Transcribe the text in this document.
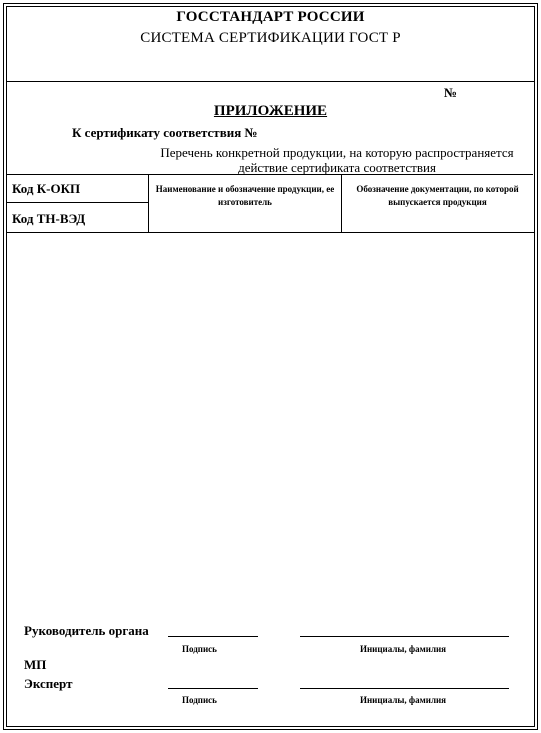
ГОССТАНДАРТ РОССИИ
СИСТЕМА СЕРТИФИКАЦИИ ГОСТ Р
№
ПРИЛОЖЕНИЕ
К сертификату соответствия №
Перечень конкретной продукции, на которую распространяется
действие сертификата соответствия
Код К-ОКП
Код ТН-ВЭД
Наименование и обозначение продукции, ее изготовитель
Обозначение документации, по которой выпускается продукция
Руководитель органа
Подпись	Инициалы, фамилия
МП
Эксперт
Подпись	Инициалы, фамилия
